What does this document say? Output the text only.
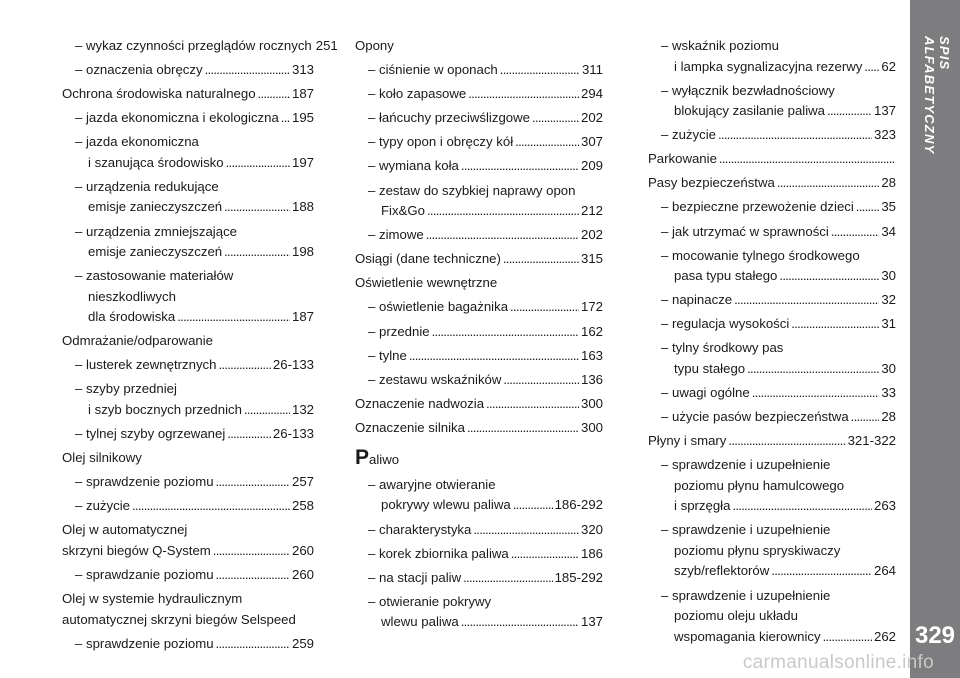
– wykaz czynności przeglądów rocznych 251
– oznaczenia obręczy . . .	313
Ochrona środowiska naturalnego . . .	187
– jazda ekonomiczna i ekologiczna . . . 195
– jazda ekonomiczna
i szanująca środowisko . . .	197
– urządzenia redukujące
emisje zanieczyszczeń . . .	188
– urządzenia zmniejszające
emisje zanieczyszczeń . . .	198
– zastosowanie materiałów
nieszkodliwych
dla środowiska . . .	187
Odmrażanie/odparowanie
– lusterek zewnętrznych . . .	26-133
– szyby przedniej
i szyb bocznych przednich . . .	132
– tylnej szyby ogrzewanej . . .	26-133
Olej silnikowy
– sprawdzenie poziomu . . .	257
– zużycie . . .	258
Olej w automatycznej
skrzyni biegów Q-System . . .	260
– sprawdzanie poziomu . . .	260
Olej w systemie hydraulicznym
automatycznej skrzyni biegów Selspeed
– sprawdzenie poziomu . . .	259
Opony
– ciśnienie w oponach . . .	311
– koło zapasowe . . .	294
– łańcuchy przeciwślizgowe . . .	202
– typy opon i obręczy kół . . .	307
– wymiana koła . . .	209
– zestaw do szybkiej naprawy opon
Fix&Go . . .	212
– zimowe . . .	202
Osiągi (dane techniczne) . . .	315
Oświetlenie wewnętrzne
– oświetlenie bagażnika . . .	172
– przednie . . .	162
– tylne . . .	163
– zestawu wskaźników . . .	136
Oznaczenie nadwozia . . .	300
Oznaczenie silnika . . .	300
Paliwo
– awaryjne otwieranie
pokrywy wlewu paliwa . . .	186-292
– charakterystyka . . .	320
– korek zbiornika paliwa . . .	186
– na stacji paliw . . .	185-292
– otwieranie pokrywy
wlewu paliwa . . .	137
– wskaźnik poziomu
i lampka sygnalizacyjna rezerwy . . . 62
– wyłącznik bezwładnościowy
blokujący zasilanie paliwa . . .	137
– zużycie . . .	323
Parkowanie
. . .
Pasy bezpieczeństwa . . .	28
– bezpieczne przewożenie dzieci . . . 35
– jak utrzymać w sprawności . . .	34
– mocowanie tylnego środkowego
pasa typu stałego . . .	30
– napinacze . . .	32
– regulacja wysokości . . .	31
– tylny środkowy pas
typu stałego . . .	30
– uwagi ogólne . . .	33
– użycie pasów bezpieczeństwa . . . 28
Płyny i smary . . .	321-322
– sprawdzenie i uzupełnienie
poziomu płynu hamulcowego
i sprzęgła . . .	263
– sprawdzenie i uzupełnienie
poziomu płynu spryskiwaczy
szyb/reflektorów . . .	264
– sprawdzenie i uzupełnienie
poziomu oleju układu
wspomagania kierownicy . . .	262
SPIS ALFABETYCZNY
329
carmanualsonline.info
